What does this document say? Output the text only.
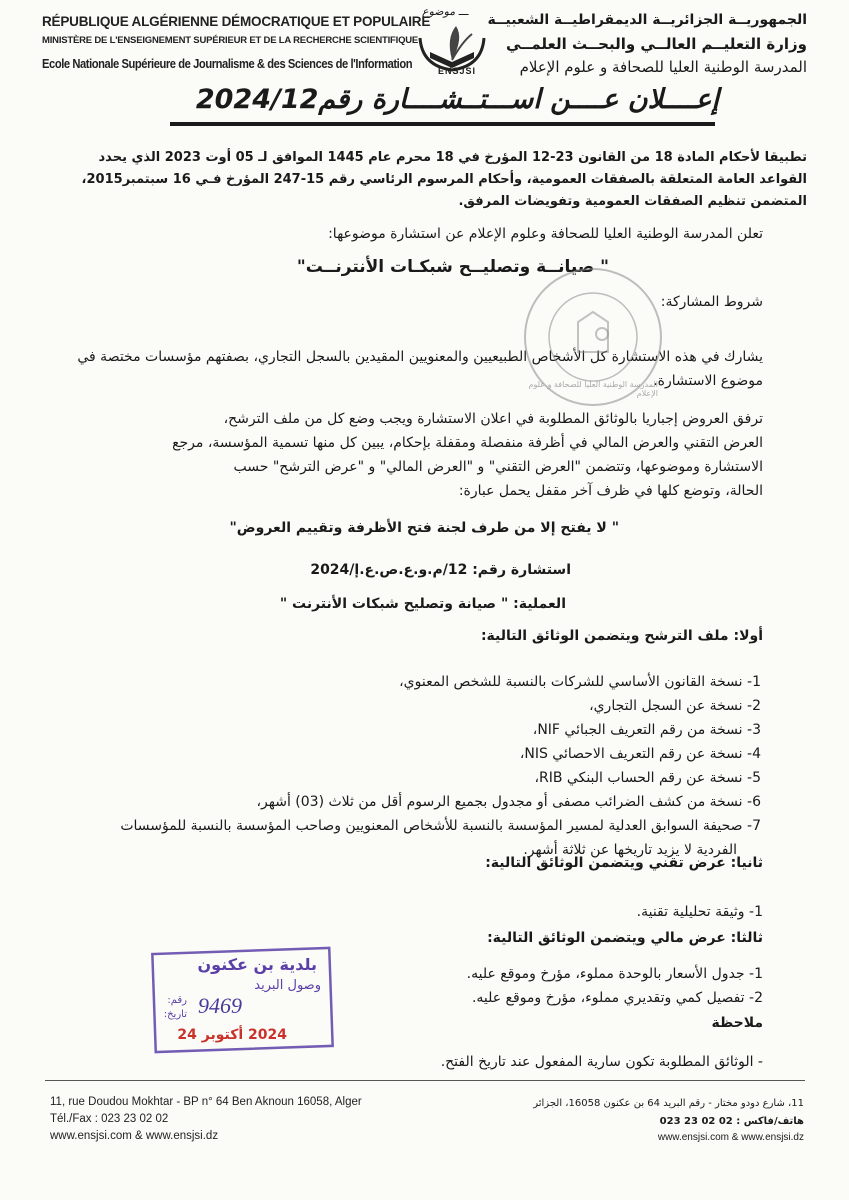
RÉPUBLIQUE ALGÉRIENNE DÉMOCRATIQUE ET POPULAIRE
MINISTÈRE DE L'ENSEIGNEMENT SUPÉRIEUR ET DE LA RECHERCHE SCIENTIFIQUE
Ecole Nationale Supérieure de Journalisme & des Sciences de l'Information
الجمهوريــة الجزائريــة الديمقراطيــة الشعبيــة
وزارة التعليــم العالــي والبحــث العلمــي
المدرسة الوطنية العليا للصحافة و علوم الإعلام
ـــ موضوع
ENSJSI
إعــــلان عــــن اســـتــشــــارة رقم2024/12
تطبيقا لأحكام المادة 18 من القانون 23-12 المؤرخ في 18 محرم عام 1445 الموافق لـ 05 أوت 2023 الذي يحدد القواعد العامة المتعلقة بالصفقات العمومية، وأحكام المرسوم الرئاسي رقم 15-247 المؤرخ فـي 16 سبتمبر2015، المتضمن تنظيم الصفقات العمومية وتفويضات المرفق.
تعلن المدرسة الوطنية العليا للصحافة وعلوم الإعلام عن استشارة موضوعها:
" صيانــة وتصليــح شبكـات الأنترنــت"
شروط المشاركة:
يشارك في هذه الاستشارة كل الأشخاص الطبيعيين والمعنويين المقيدين بالسجل التجاري، بصفتهم مؤسسات مختصة في موضوع الاستشارة.
ترفق العروض إجباريا بالوثائق المطلوبة في اعلان الاستشارة ويجب وضع كل من ملف الترشح،
العرض التقني والعرض المالي في أظرفة منفصلة ومقفلة بإحكام، يبين كل منها تسمية المؤسسة، مرجع
الاستشارة وموضوعها، وتتضمن "العرض التقني" و "العرض المالي" و "عرض الترشح" حسب
الحالة، وتوضع كلها في ظرف آخر مقفل يحمل عبارة:
" لا يفتح إلا من طرف لجنة فتح الأظرفة وتقييم العروض"
استشارة رقم: 12/م.و.ع.ص.ع.إ/2024
العملية: " صيانة وتصليح شبكات الأنترنت "
أولا: ملف الترشح ويتضمن الوثائق التالية:
1- نسخة القانون الأساسي للشركات بالنسبة للشخص المعنوي،
2- نسخة عن السجل التجاري،
3- نسخة من رقم التعريف الجبائي NIF،
4- نسخة عن رقم التعريف الاحصائي NIS،
5- نسخة عن رقم الحساب البنكي RIB،
6- نسخة من كشف الضرائب مصفى أو مجدول بجميع الرسوم أقل من ثلاث (03) أشهر،
7- صحيفة السوابق العدلية لمسير المؤسسة بالنسبة للأشخاص المعنويين وصاحب المؤسسة بالنسبة للمؤسسات
الفردية لا يزيد تاريخها عن ثلاثة أشهر.
ثانيا: عرض تقني ويتضمن الوثائق التالية:
1- وثيقة تحليلية تقنية.
ثالثا: عرض مالي ويتضمن الوثائق التالية:
1- جدول الأسعار بالوحدة مملوء، مؤرخ وموقع عليه.
2- تفصيل كمي وتقديري مملوء، مؤرخ وموقع عليه.
ملاحظة
- الوثائق المطلوبة تكون سارية المفعول عند تاريخ الفتح.
المدرسة الوطنية العليا للصحافة و علوم الإعلام
بلدية بن عكنون
وصول البريد
رقم:
تاريخ: 9469
2024 أكتوبر 24
11, rue Doudou Mokhtar - BP n° 64 Ben Aknoun 16058, Alger
Tél./Fax : 023 23 02 02
www.ensjsi.com & www.ensjsi.dz
11، شارع دودو مختار - رقم البريد 64 بن عكنون 16058، الجزائر
هاتف/فاكس : 02 02 23 023
www.ensjsi.com & www.ensjsi.dz
